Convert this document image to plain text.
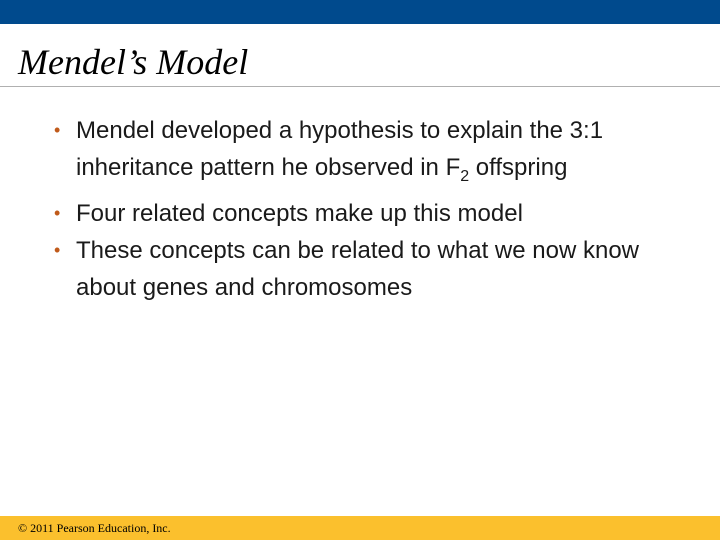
Mendel’s Model
• Mendel developed a hypothesis to explain the 3:1 inheritance pattern he observed in $F_2$ offspring
• Four related concepts make up this model
• These concepts can be related to what we now know about genes and chromosomes
© 2011 Pearson Education, Inc.
